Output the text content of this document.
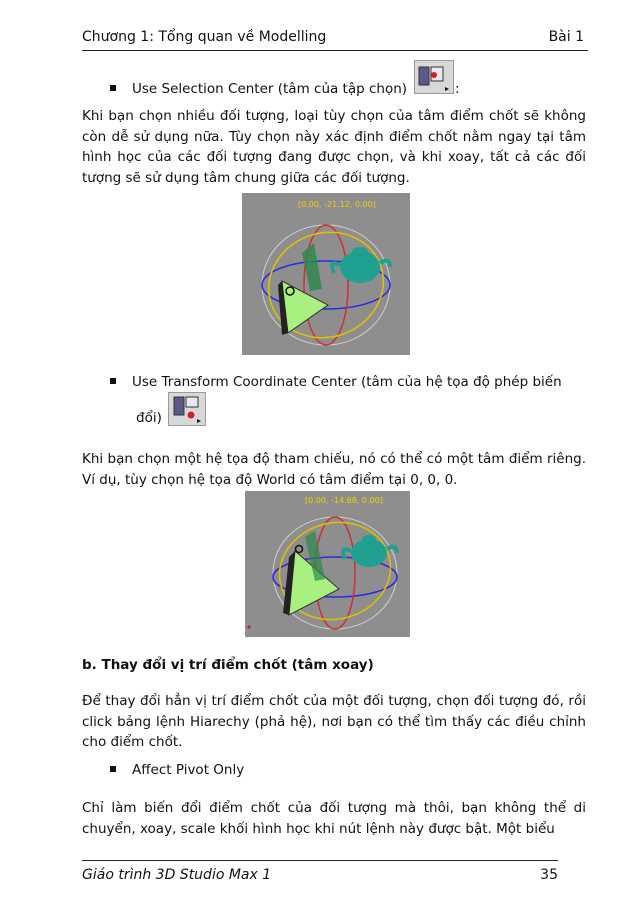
Chương 1: Tổng quan về Modelling	Bài 1
Use Selection Center (tâm của tập chọn)	:
Khi bạn chọn nhiều đối tượng, loại tùy chọn của tâm điểm chốt sẽ không còn dễ sử dụng nữa. Tùy chọn này xác định điểm chốt nằm ngay tại tâm hình học của các đối tượng đang được chọn, và khi xoay, tất cả các đối tượng sẽ sử dụng tâm chung giữa các đối tượng.
[0.00, -21.12, 0.00]
Use Transform Coordinate Center (tâm của hệ tọa độ phép biến
đổi)
Khi bạn chọn một hệ tọa độ tham chiếu, nó có thể có một tâm điểm riêng. Ví dụ, tùy chọn hệ tọa độ World có tâm điểm tại 0, 0, 0.
[0.00, -14.68, 0.00]
b. Thay đổi vị trí điểm chốt (tâm xoay)
Để thay đổi hẳn vị trí điểm chốt của một đối tượng, chọn đối tượng đó, rồi click bảng lệnh Hiarechy (phả hệ), nơi bạn có thể tìm thấy các điều chỉnh cho điểm chốt.
Affect Pivot Only
Chỉ làm biến đổi điểm chốt của đối tượng mà thôi, bạn không thể di chuyển, xoay, scale khối hình học khi nút lệnh này được bật. Một biểu
Giáo trình 3D Studio Max 1	35
